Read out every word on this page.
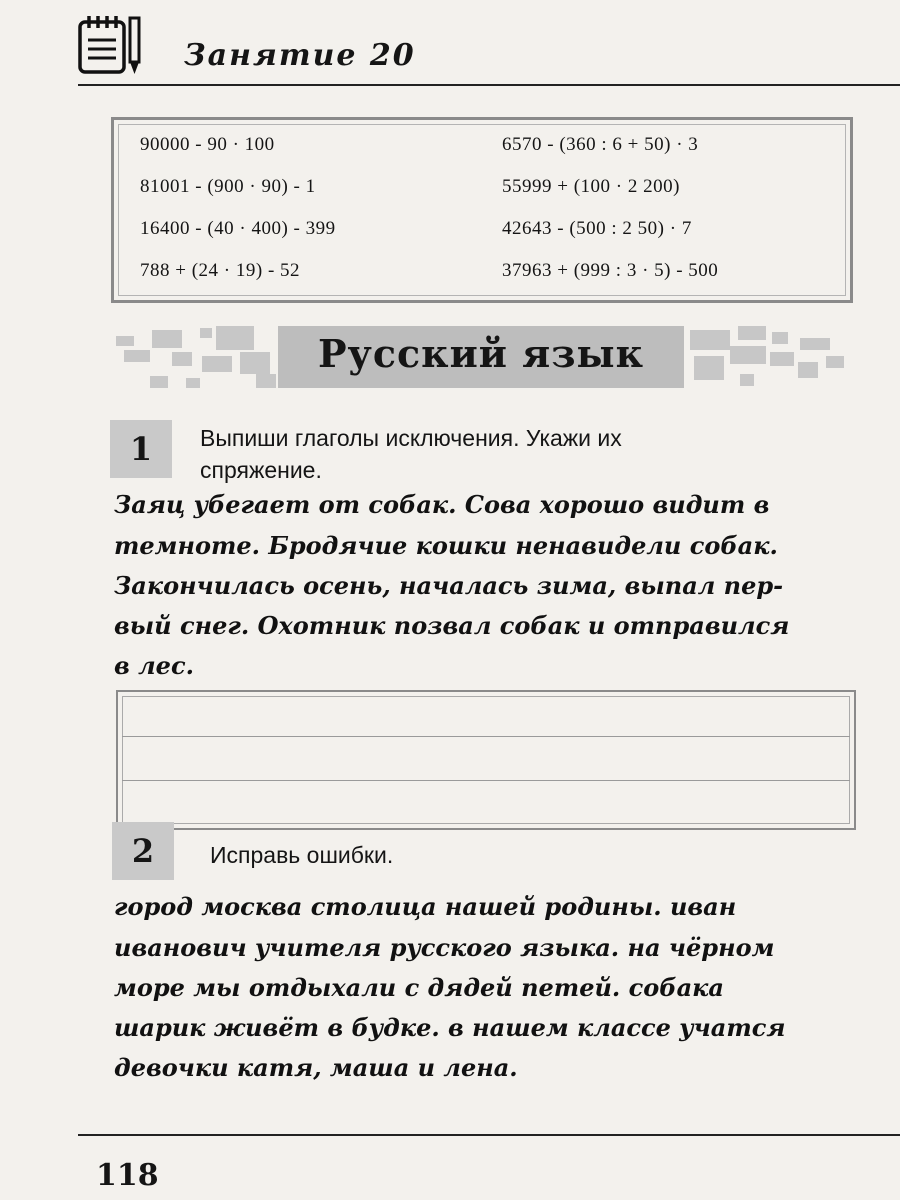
Занятие 20
90000 - 90 · 100
81001 - (900 · 90) - 1
16400 - (40 · 400) - 399
788 + (24 · 19) - 52
6570 - (360 : 6 + 50) · 3
55999 + (100 · 2 200)
42643 - (500 : 2 50) · 7
37963 + (999 : 3 · 5) - 500
Русский язык
1	Выпиши глаголы исключения. Укажи их
спряжение.
Заяц убегает от собак. Сова хорошо видит в
темноте. Бродячие кошки ненавидели собак.
Закончилась осень, началась зима, выпал пер-
вый снег. Охотник позвал собак и отправился
в лес.
2	Исправь ошибки.
город москва столица нашей родины. иван
иванович учителя русского языка. на чёрном
море мы отдыхали с дядей петей. собака
шарик живёт в будке. в нашем классе учатся
девочки катя, маша и лена.
118
